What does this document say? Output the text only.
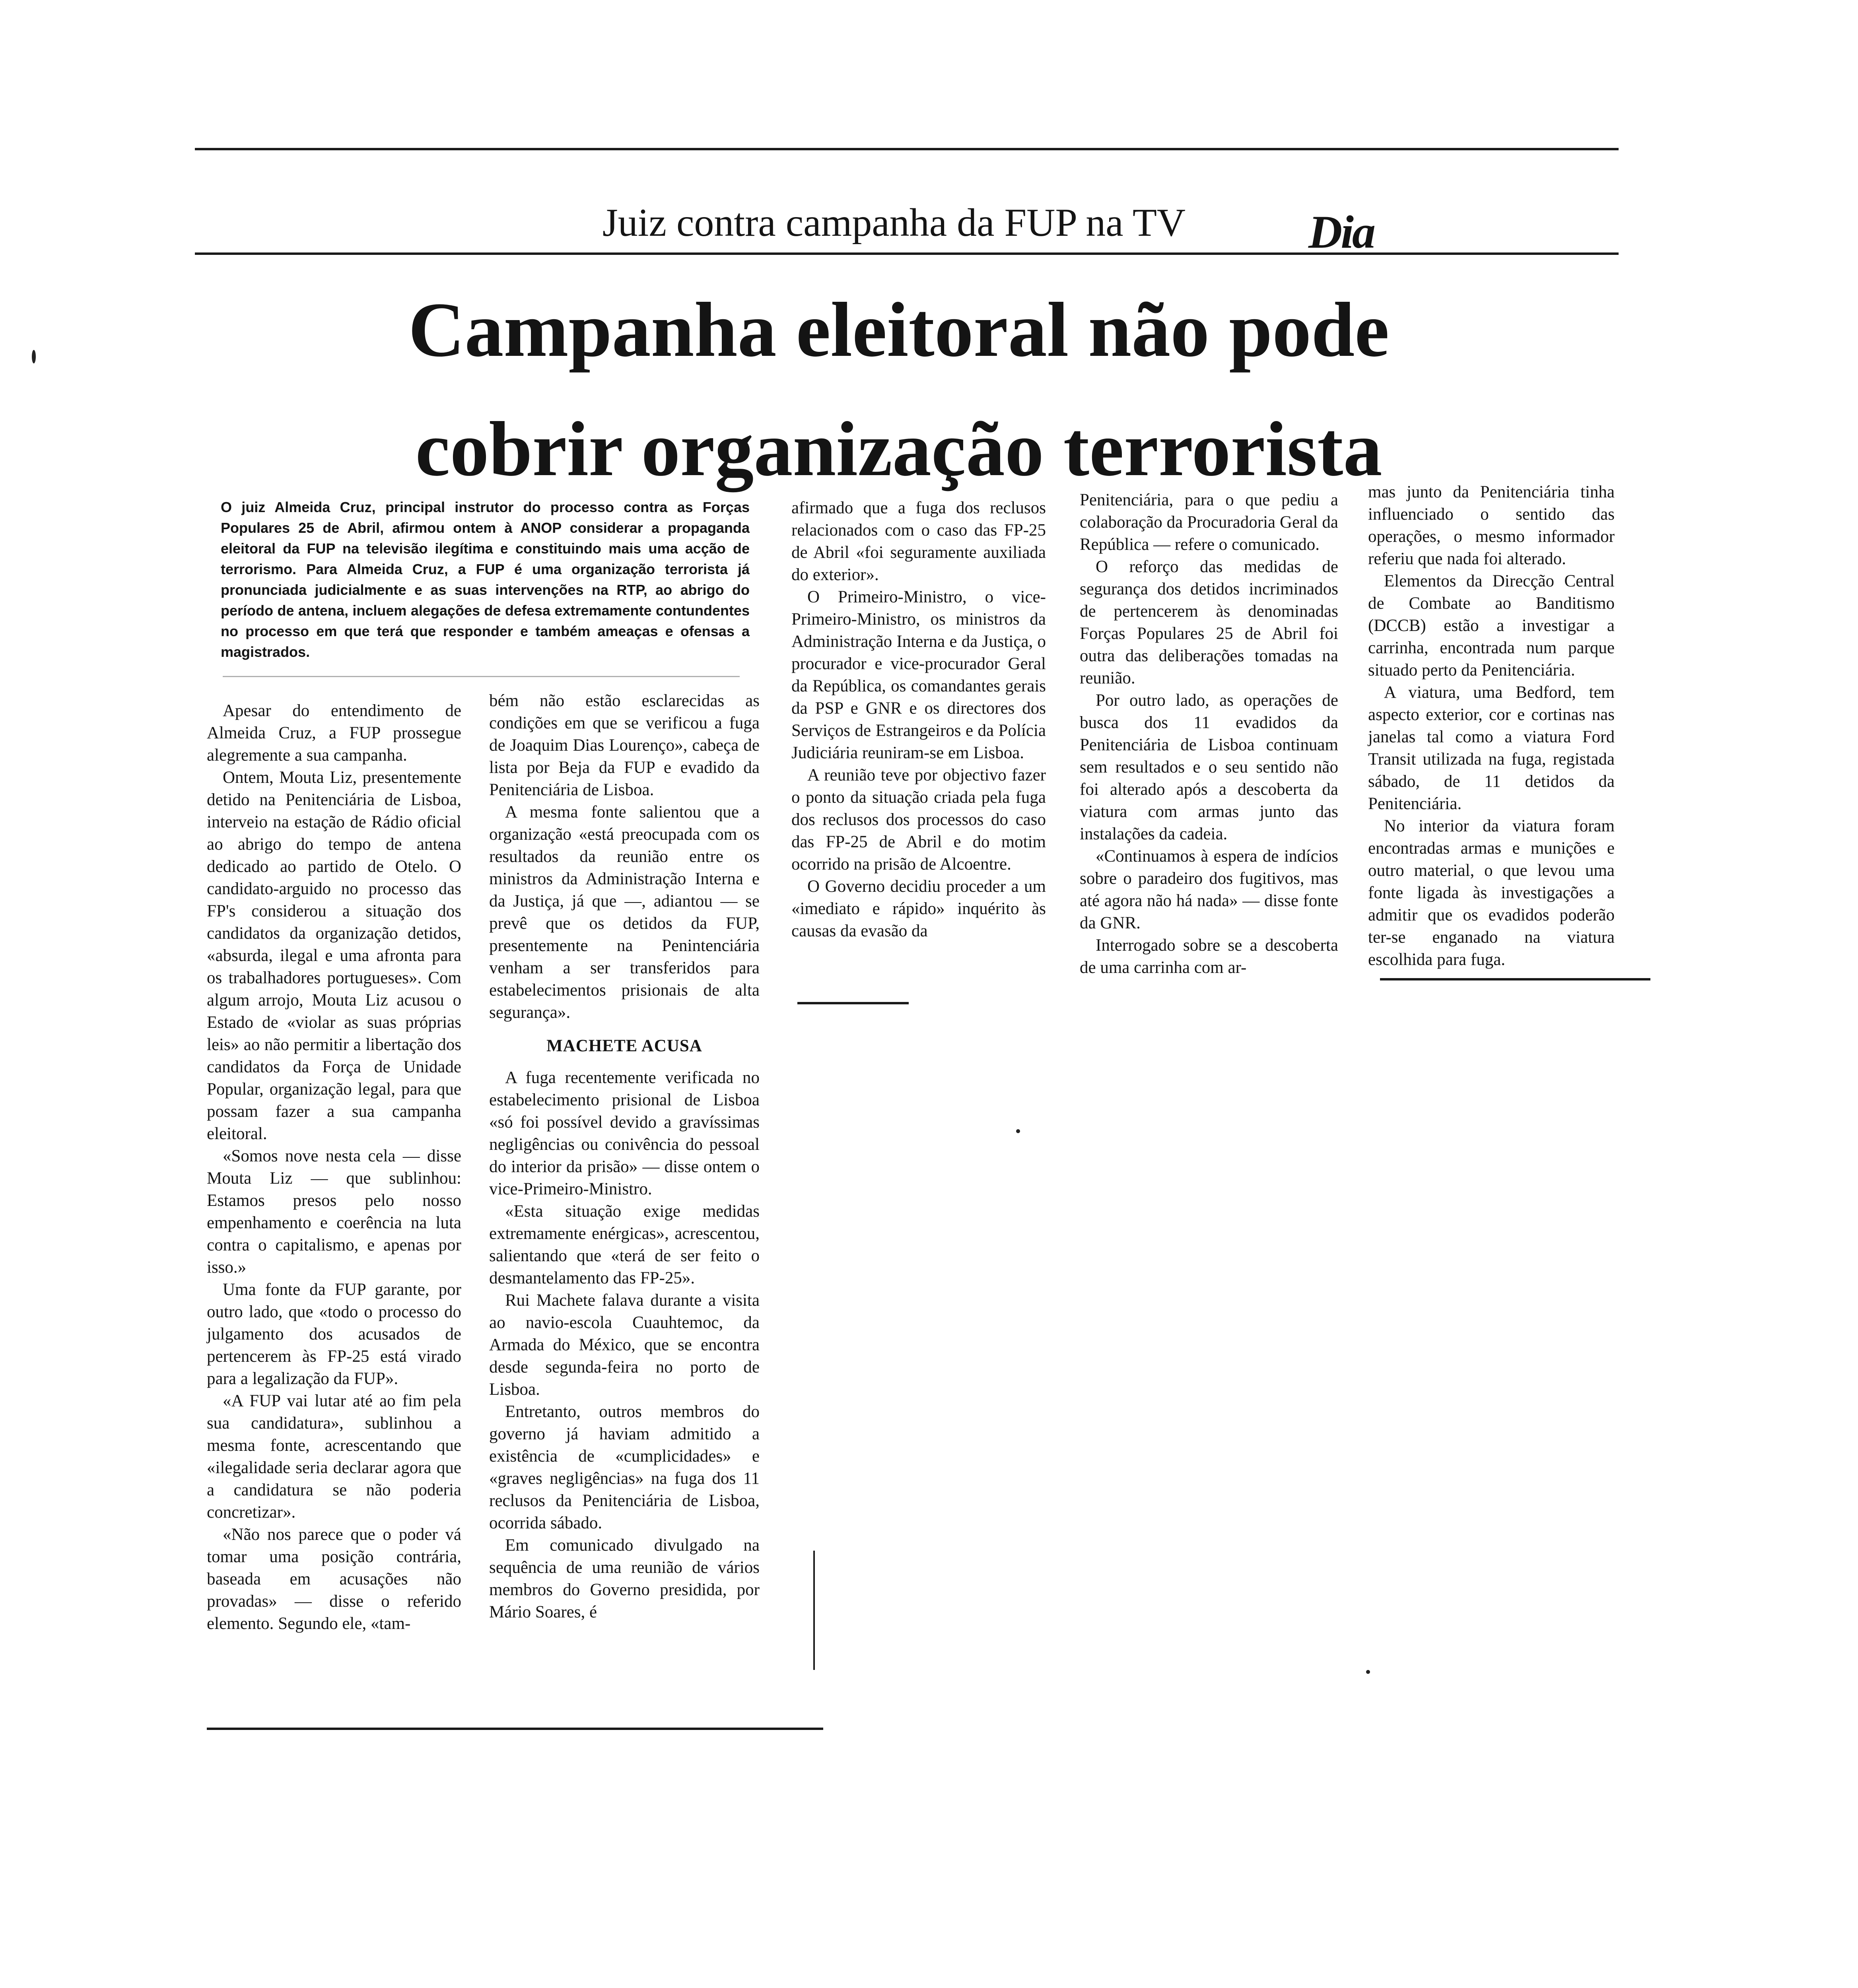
Juiz contra campanha da FUP na TV	Dia
Campanha eleitoral não pode cobrir organização terrorista

O juiz Almeida Cruz, principal instrutor do processo contra as Forças Populares 25 de Abril, afirmou ontem à ANOP considerar a propaganda eleitoral da FUP na televisão ilegítima e constituindo mais uma acção de terrorismo. Para Almeida Cruz, a FUP é uma organização terrorista já pronunciada judicialmente e as suas intervenções na RTP, ao abrigo do período de antena, incluem alegações de defesa extremamente contundentes no processo em que terá que responder e também ameaças e ofensas a magistrados.

Apesar do entendimento de Almeida Cruz, a FUP prossegue alegremente a sua campanha.

Ontem, Mouta Liz, presentemente detido na Penitenciária de Lisboa, interveio na estação de Rádio oficial ao abrigo do tempo de antena dedicado ao partido de Otelo. O candidato-arguido no processo das FP's considerou a situação dos candidatos da organização detidos, «absurda, ilegal e uma afronta para os trabalhadores portugueses». Com algum arrojo, Mouta Liz acusou o Estado de «violar as suas próprias leis» ao não permitir a libertação dos candidatos da Força de Unidade Popular, organização legal, para que possam fazer a sua campanha eleitoral.

«Somos nove nesta cela — disse Mouta Liz — que sublinhou: Estamos presos pelo nosso empenhamento e coerência na luta contra o capitalismo, e apenas por isso.»

Uma fonte da FUP garante, por outro lado, que «todo o processo do julgamento dos acusados de pertencerem às FP-25 está virado para a legalização da FUP».

«A FUP vai lutar até ao fim pela sua candidatura», sublinhou a mesma fonte, acrescentando que «ilegalidade seria declarar agora que a candidatura se não poderia concretizar».

«Não nos parece que o poder vá tomar uma posição contrária, baseada em acusações não provadas» — disse o referido elemento. Segundo ele, «tam-

bém não estão esclarecidas as condições em que se verificou a fuga de Joaquim Dias Lourenço», cabeça de lista por Beja da FUP e evadido da Penitenciária de Lisboa.

A mesma fonte salientou que a organização «está preocupada com os resultados da reunião entre os ministros da Administração Interna e da Justiça, já que —, adiantou — se prevê que os detidos da FUP, presentemente na Penintenciária venham a ser transferidos para estabelecimentos prisionais de alta segurança».

MACHETE ACUSA

A fuga recentemente verificada no estabelecimento prisional de Lisboa «só foi possível devido a gravíssimas negligências ou conivência do pessoal do interior da prisão» — disse ontem o vice-Primeiro-Ministro.

«Esta situação exige medidas extremamente enérgicas», acrescentou, salientando que «terá de ser feito o desmantelamento das FP-25».

Rui Machete falava durante a visita ao navio-escola Cuauhtemoc, da Armada do México, que se encontra desde segunda-feira no porto de Lisboa.

Entretanto, outros membros do governo já haviam admitido a existência de «cumplicidades» e «graves negligências» na fuga dos 11 reclusos da Penitenciária de Lisboa, ocorrida sábado.

Em comunicado divulgado na sequência de uma reunião de vários membros do Governo presidida, por Mário Soares, é

afirmado que a fuga dos reclusos relacionados com o caso das FP-25 de Abril «foi seguramente auxiliada do exterior».

O Primeiro-Ministro, o vice-Primeiro-Ministro, os ministros da Administração Interna e da Justiça, o procurador e vice-procurador Geral da República, os comandantes gerais da PSP e GNR e os directores dos Serviços de Estrangeiros e da Polícia Judiciária reuniram-se em Lisboa.

A reunião teve por objectivo fazer o ponto da situação criada pela fuga dos reclusos dos processos do caso das FP-25 de Abril e do motim ocorrido na prisão de Alcoentre.

O Governo decidiu proceder a um «imediato e rápido» inquérito às causas da evasão da

Penitenciária, para o que pediu a colaboração da Procuradoria Geral da República — refere o comunicado.

O reforço das medidas de segurança dos detidos incriminados de pertencerem às denominadas Forças Populares 25 de Abril foi outra das deliberações tomadas na reunião.

Por outro lado, as operações de busca dos 11 evadidos da Penitenciária de Lisboa continuam sem resultados e o seu sentido não foi alterado após a descoberta da viatura com armas junto das instalações da cadeia.

«Continuamos à espera de indícios sobre o paradeiro dos fugitivos, mas até agora não há nada» — disse fonte da GNR.

Interrogado sobre se a descoberta de uma carrinha com ar-

mas junto da Penitenciária tinha influenciado o sentido das operações, o mesmo informador referiu que nada foi alterado.

Elementos da Direcção Central de Combate ao Banditismo (DCCB) estão a investigar a carrinha, encontrada num parque situado perto da Penitenciária.

A viatura, uma Bedford, tem aspecto exterior, cor e cortinas nas janelas tal como a viatura Ford Transit utilizada na fuga, registada sábado, de 11 detidos da Penitenciária.

No interior da viatura foram encontradas armas e munições e outro material, o que levou uma fonte ligada às investigações a admitir que os evadidos poderão ter-se enganado na viatura escolhida para fuga.
